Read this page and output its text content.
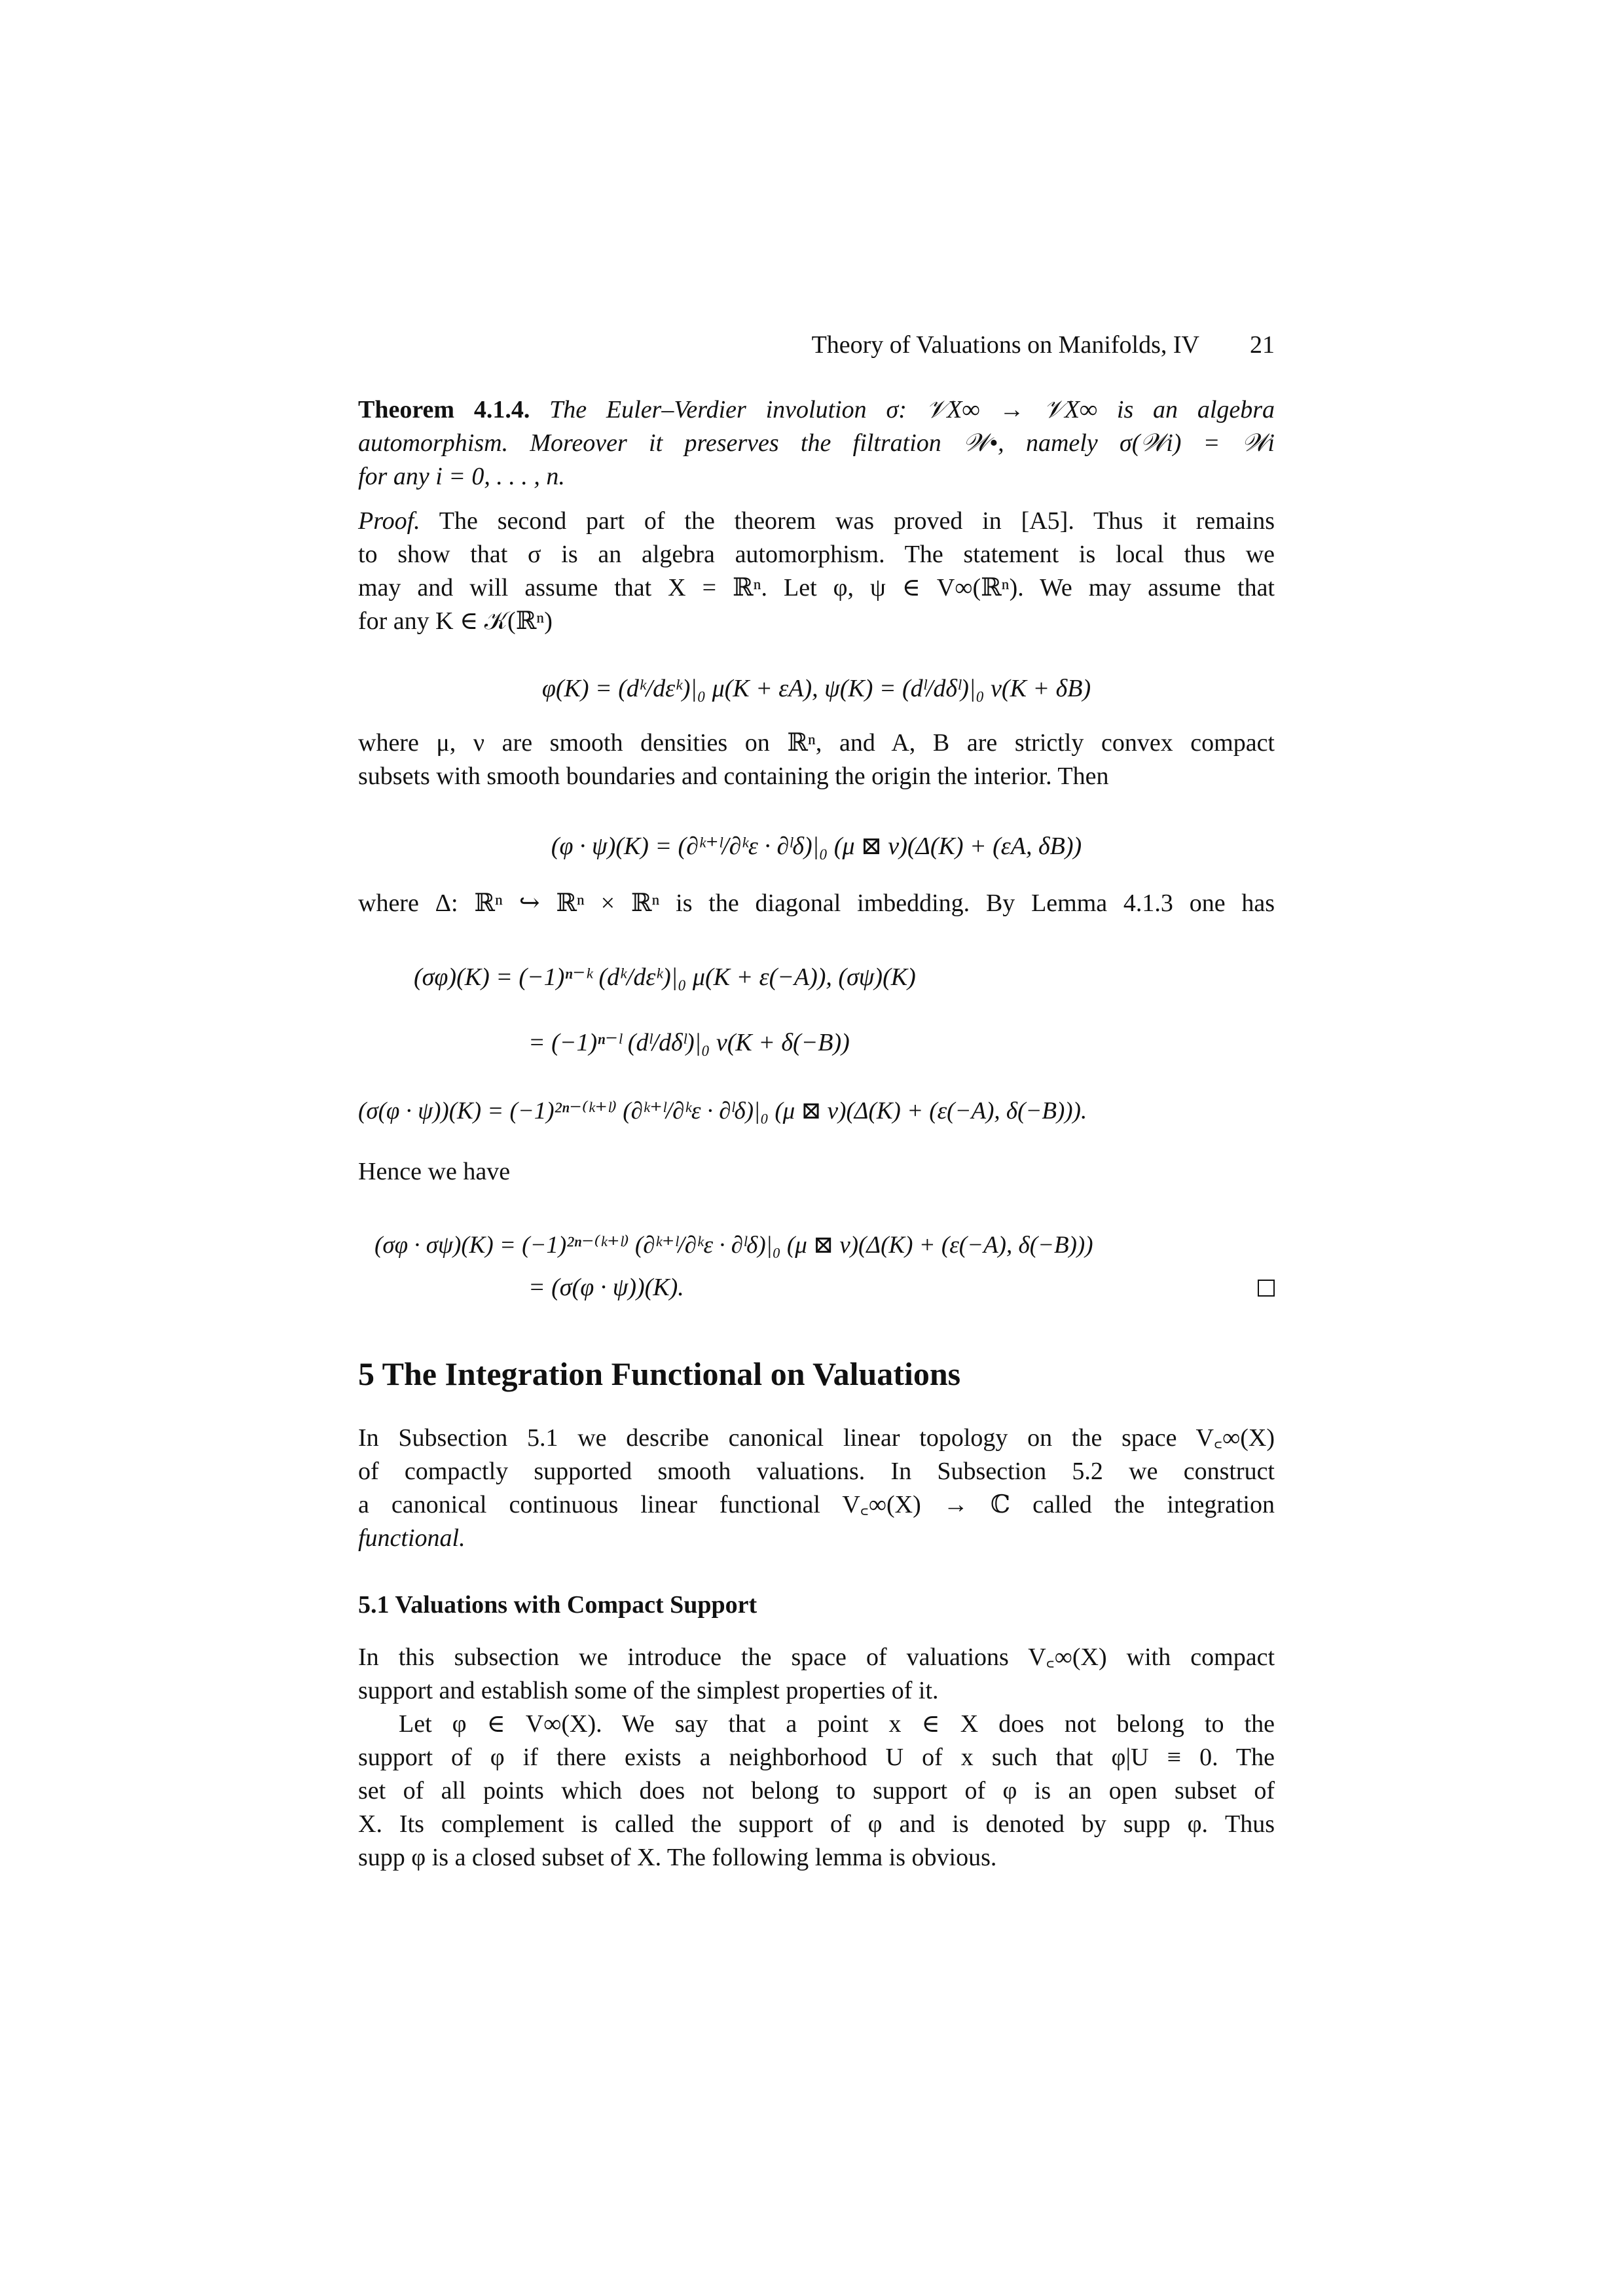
Theory of Valuations on Manifolds, IV 21

Theorem 4.1.4. The Euler–Verdier involution σ: 𝒱X∞ → 𝒱X∞ is an algebra
automorphism. Moreover it preserves the filtration 𝒲•, namely σ(𝒲i) = 𝒲i
for any i = 0, . . . , n.

Proof. The second part of the theorem was proved in [A5]. Thus it remains
to show that σ is an algebra automorphism. The statement is local thus we
may and will assume that X = ℝⁿ. Let φ, ψ ∈ V∞(ℝⁿ). We may assume that
for any K ∈ 𝒦(ℝⁿ)

φ(K) = (dᵏ/dεᵏ)|₀ μ(K + εA), ψ(K) = (dˡ/dδˡ)|₀ ν(K + δB)

where μ, ν are smooth densities on ℝⁿ, and A, B are strictly convex compact
subsets with smooth boundaries and containing the origin the interior. Then

(φ · ψ)(K) = (∂ᵏ⁺ˡ/∂ᵏε · ∂ˡδ)|₀ (μ ⊠ ν)(Δ(K) + (εA, δB))

where Δ: ℝⁿ ↪ ℝⁿ × ℝⁿ is the diagonal imbedding. By Lemma 4.1.3 one has

(σφ)(K) = (−1)ⁿ⁻ᵏ (dᵏ/dεᵏ)|₀ μ(K + ε(−A)), (σψ)(K)
= (−1)ⁿ⁻ˡ (dˡ/dδˡ)|₀ ν(K + δ(−B))
(σ(φ · ψ))(K) = (−1)²ⁿ⁻⁽ᵏ⁺ˡ⁾ (∂ᵏ⁺ˡ/∂ᵏε · ∂ˡδ)|₀ (μ ⊠ ν)(Δ(K) + (ε(−A), δ(−B))).

Hence we have

(σφ · σψ)(K) = (−1)²ⁿ⁻⁽ᵏ⁺ˡ⁾ (∂ᵏ⁺ˡ/∂ᵏε · ∂ˡδ)|₀ (μ ⊠ ν)(Δ(K) + (ε(−A), δ(−B)))
= (σ(φ · ψ))(K).

5 The Integration Functional on Valuations

In Subsection 5.1 we describe canonical linear topology on the space V꜀∞(X)
of compactly supported smooth valuations. In Subsection 5.2 we construct
a canonical continuous linear functional V꜀∞(X) → ℂ called the integration
functional.

5.1 Valuations with Compact Support

In this subsection we introduce the space of valuations V꜀∞(X) with compact
support and establish some of the simplest properties of it.

Let φ ∈ V∞(X). We say that a point x ∈ X does not belong to the
support of φ if there exists a neighborhood U of x such that φ|U ≡ 0. The
set of all points which does not belong to support of φ is an open subset of
X. Its complement is called the support of φ and is denoted by supp φ. Thus
supp φ is a closed subset of X. The following lemma is obvious.
